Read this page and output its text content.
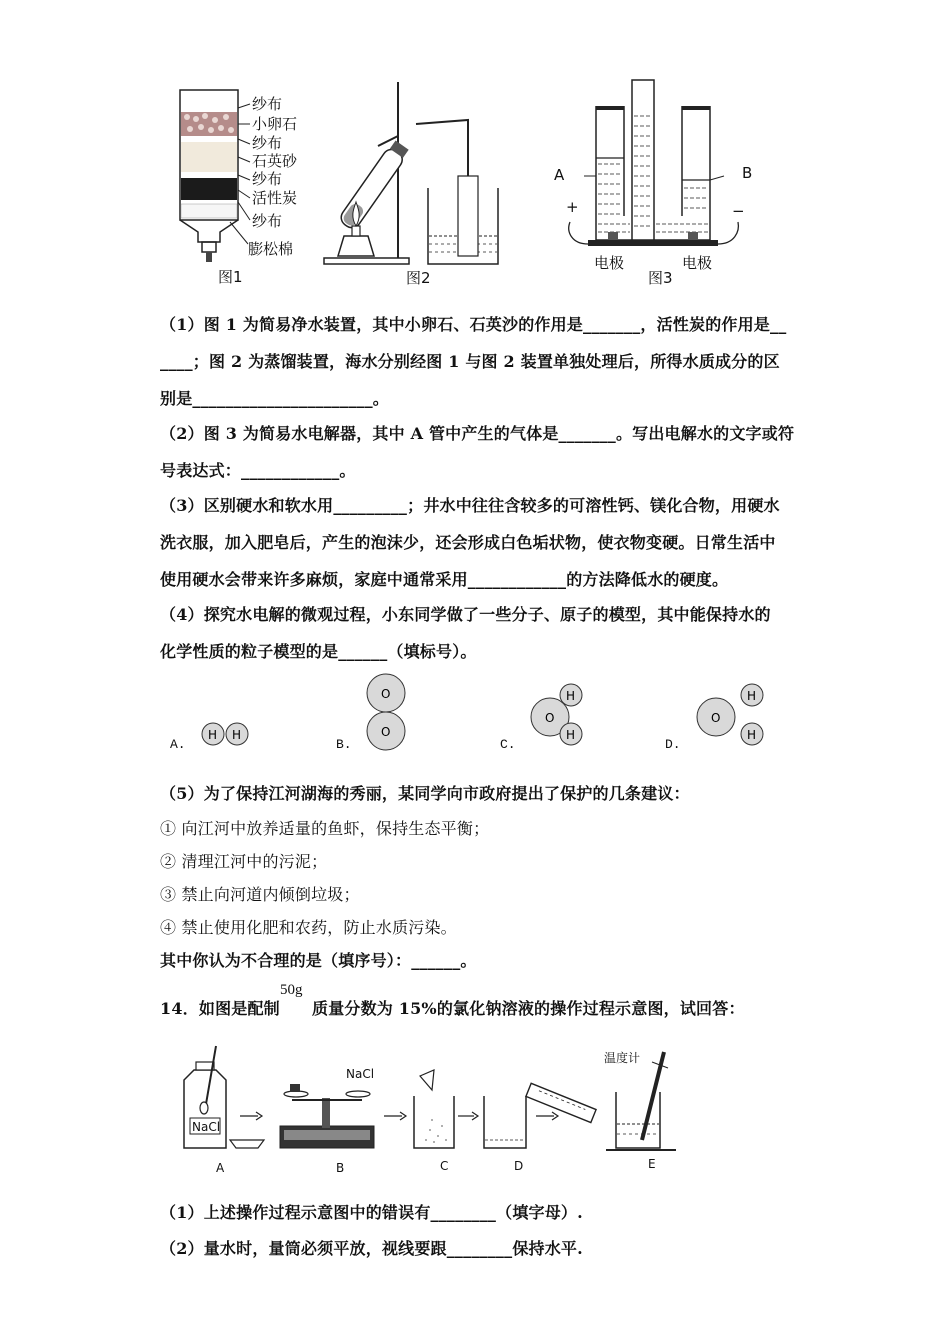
纱布
小卵石
纱布
石英砂
纱布
活性炭
纱布
膨松棉
图1	图2
A	B
+	−
电极	电极
图3
（1）图 1 为简易净水装置，其中小卵石、石英沙的作用是_______，活性炭的作用是__
____；图 2 为蒸馏装置，海水分别经图 1 与图 2 装置单独处理后，所得水质成分的区
别是______________________。
（2）图 3 为简易水电解器，其中 A 管中产生的气体是_______。写出电解水的文字或符
号表达式：____________。
（3）区别硬水和软水用_________；井水中往往含较多的可溶性钙、镁化合物，用硬水
洗衣服，加入肥皂后，产生的泡沫少，还会形成白色垢状物，使衣物变硬。日常生活中
使用硬水会带来许多麻烦，家庭中通常采用____________的方法降低水的硬度。
（4）探究水电解的微观过程，小东同学做了一些分子、原子的模型，其中能保持水的
化学性质的粒子模型的是______（填标号）。
A.
H H
B.
O
O
C.
O
H
H
D.
O
H
H
（5）为了保持江河湖海的秀丽，某同学向市政府提出了保护的几条建议：
① 向江河中放养适量的鱼虾，保持生态平衡；
② 清理江河中的污泥；
③ 禁止向河道内倾倒垃圾；
④ 禁止使用化肥和农药，防止水质污染。
其中你认为不合理的是（填序号）：______。
14．如图是配制
50g
质量分数为 15%的氯化钠溶液的操作过程示意图，试回答：
NaCl
NaCl
温度计
A	B	C	D	E
（1）上述操作过程示意图中的错误有________（填字母）.
（2）量水时，量筒必须平放，视线要跟________保持水平.
